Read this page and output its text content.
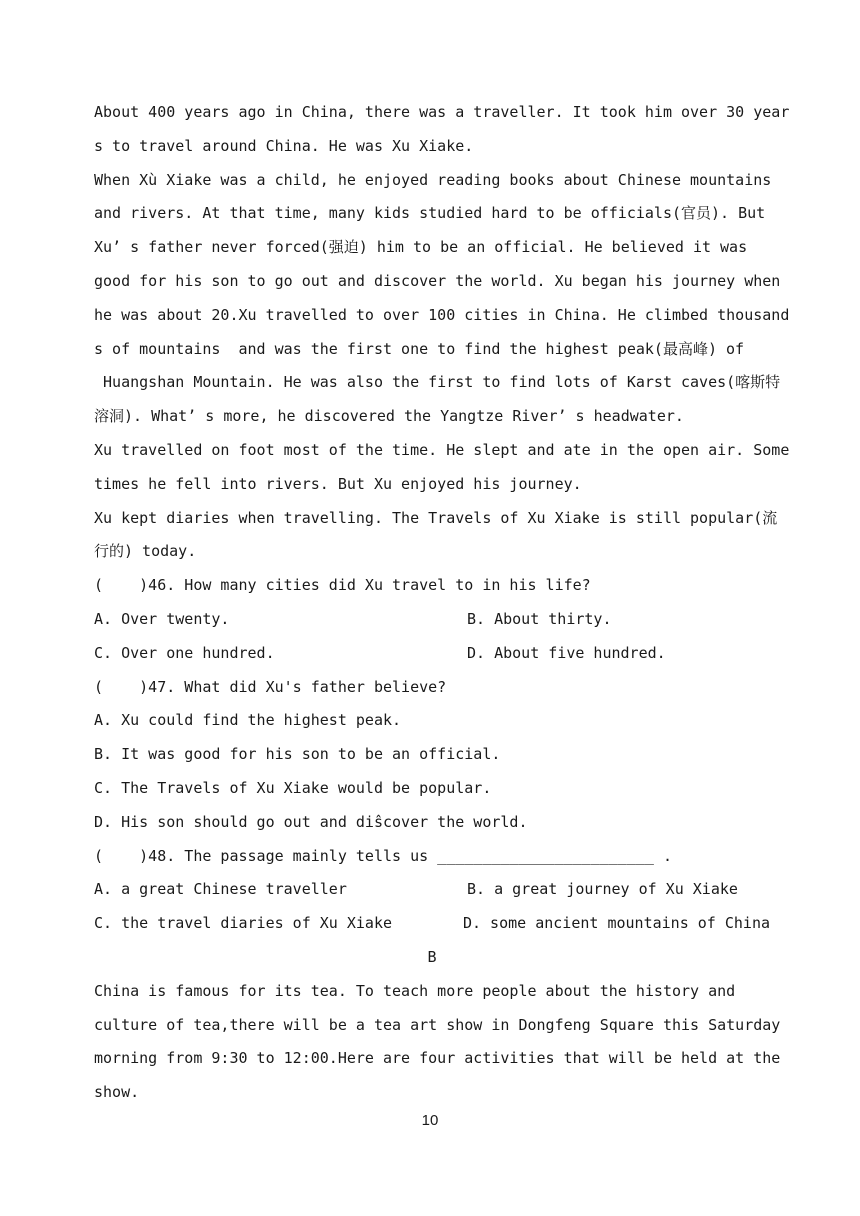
About 400 years ago in China, there was a traveller. It took him over 30 year
s to travel around China. He was Xu Xiake.
When Xù Xiake was a child, he enjoyed reading books about Chinese mountains
and rivers. At that time, many kids studied hard to be officials(官员). But
Xu’ s father never forced(强迫) him to be an official. He believed it was
good for his son to go out and discover the world. Xu began his journey when
he was about 20.Xu travelled to over 100 cities in China. He climbed thousand
s of mountains  and was the first one to find the highest peak(最高峰) of
Huangshan Mountain. He was also the first to find lots of Karst caves(喀斯特
溶洞). What’ s more, he discovered the Yangtze River’ s headwater.
Xu travelled on foot most of the time. He slept and ate in the open air. Some
times he fell into rivers. But Xu enjoyed his journey.
Xu kept diaries when travelling. The Travels of Xu Xiake is still popular(流
行的) today.
(    )46. How many cities did Xu travel to in his life?
A. Over twenty.	B. About thirty.
C. Over one hundred.	D. About five hundred.
(    )47. What did Xu's father believe?
A. Xu could find the highest peak.
B. It was good for his son to be an official.
C. The Travels of Xu Xiake would be popular.
D. His son should go out and diŝcover the world.
(    )48. The passage mainly tells us ________________________ .
A. a great Chinese traveller	B. a great journey of Xu Xiake
C. the travel diaries of Xu Xiake	D. some ancient mountains of China
B
China is famous for its tea. To teach more people about the history and
culture of tea,there will be a tea art show in Dongfeng Square this Saturday
morning from 9:30 to 12:00.Here are four activities that will be held at the
show.
10
